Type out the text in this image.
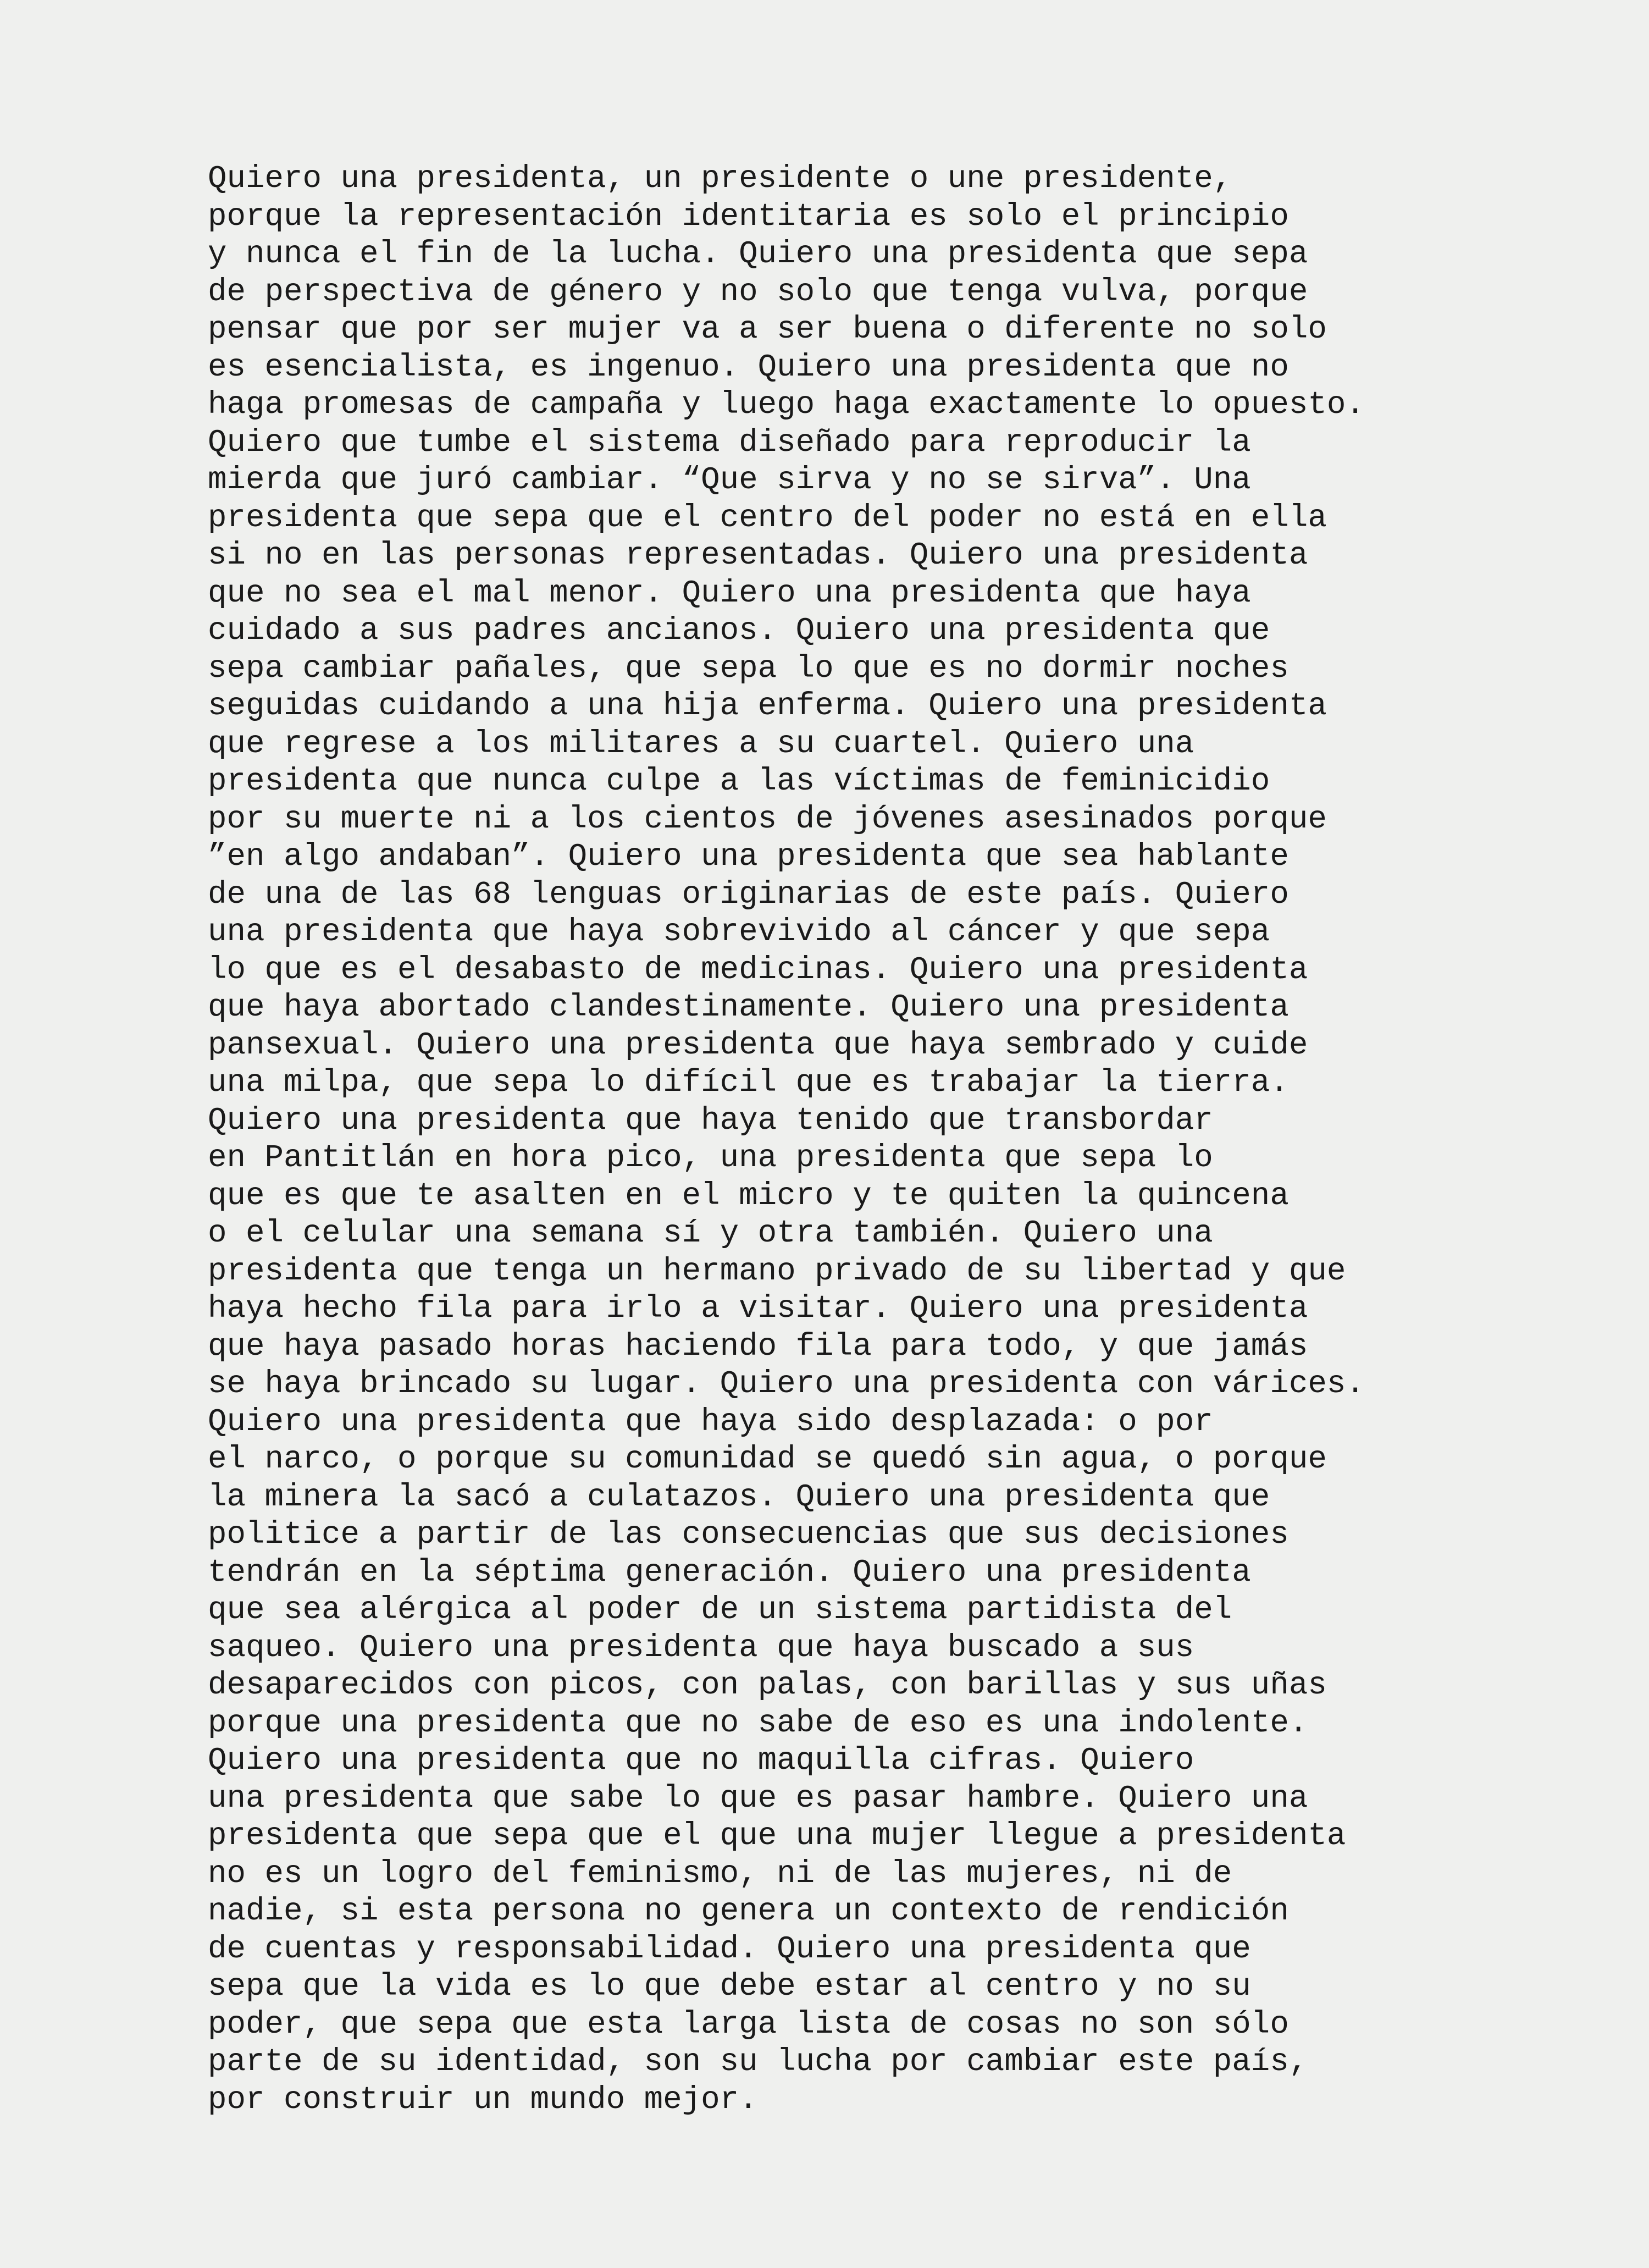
Quiero una presidenta, un presidente o une presidente,
porque la representación identitaria es solo el principio
y nunca el fin de la lucha. Quiero una presidenta que sepa
de perspectiva de género y no solo que tenga vulva, porque
pensar que por ser mujer va a ser buena o diferente no solo
es esencialista, es ingenuo. Quiero una presidenta que no
haga promesas de campaña y luego haga exactamente lo opuesto.
Quiero que tumbe el sistema diseñado para reproducir la
mierda que juró cambiar. “Que sirva y no se sirva”. Una
presidenta que sepa que el centro del poder no está en ella
si no en las personas representadas. Quiero una presidenta
que no sea el mal menor. Quiero una presidenta que haya
cuidado a sus padres ancianos. Quiero una presidenta que
sepa cambiar pañales, que sepa lo que es no dormir noches
seguidas cuidando a una hija enferma. Quiero una presidenta
que regrese a los militares a su cuartel. Quiero una
presidenta que nunca culpe a las víctimas de feminicidio
por su muerte ni a los cientos de jóvenes asesinados porque
”en algo andaban”. Quiero una presidenta que sea hablante
de una de las 68 lenguas originarias de este país. Quiero
una presidenta que haya sobrevivido al cáncer y que sepa
lo que es el desabasto de medicinas. Quiero una presidenta
que haya abortado clandestinamente. Quiero una presidenta
pansexual. Quiero una presidenta que haya sembrado y cuide
una milpa, que sepa lo difícil que es trabajar la tierra.
Quiero una presidenta que haya tenido que transbordar
en Pantitlán en hora pico, una presidenta que sepa lo
que es que te asalten en el micro y te quiten la quincena
o el celular una semana sí y otra también. Quiero una
presidenta que tenga un hermano privado de su libertad y que
haya hecho fila para irlo a visitar. Quiero una presidenta
que haya pasado horas haciendo fila para todo, y que jamás
se haya brincado su lugar. Quiero una presidenta con várices.
Quiero una presidenta que haya sido desplazada: o por
el narco, o porque su comunidad se quedó sin agua, o porque
la minera la sacó a culatazos. Quiero una presidenta que
politice a partir de las consecuencias que sus decisiones
tendrán en la séptima generación. Quiero una presidenta
que sea alérgica al poder de un sistema partidista del
saqueo. Quiero una presidenta que haya buscado a sus
desaparecidos con picos, con palas, con barillas y sus uñas
porque una presidenta que no sabe de eso es una indolente.
Quiero una presidenta que no maquilla cifras. Quiero
una presidenta que sabe lo que es pasar hambre. Quiero una
presidenta que sepa que el que una mujer llegue a presidenta
no es un logro del feminismo, ni de las mujeres, ni de
nadie, si esta persona no genera un contexto de rendición
de cuentas y responsabilidad. Quiero una presidenta que
sepa que la vida es lo que debe estar al centro y no su
poder, que sepa que esta larga lista de cosas no son sólo
parte de su identidad, son su lucha por cambiar este país,
por construir un mundo mejor.
